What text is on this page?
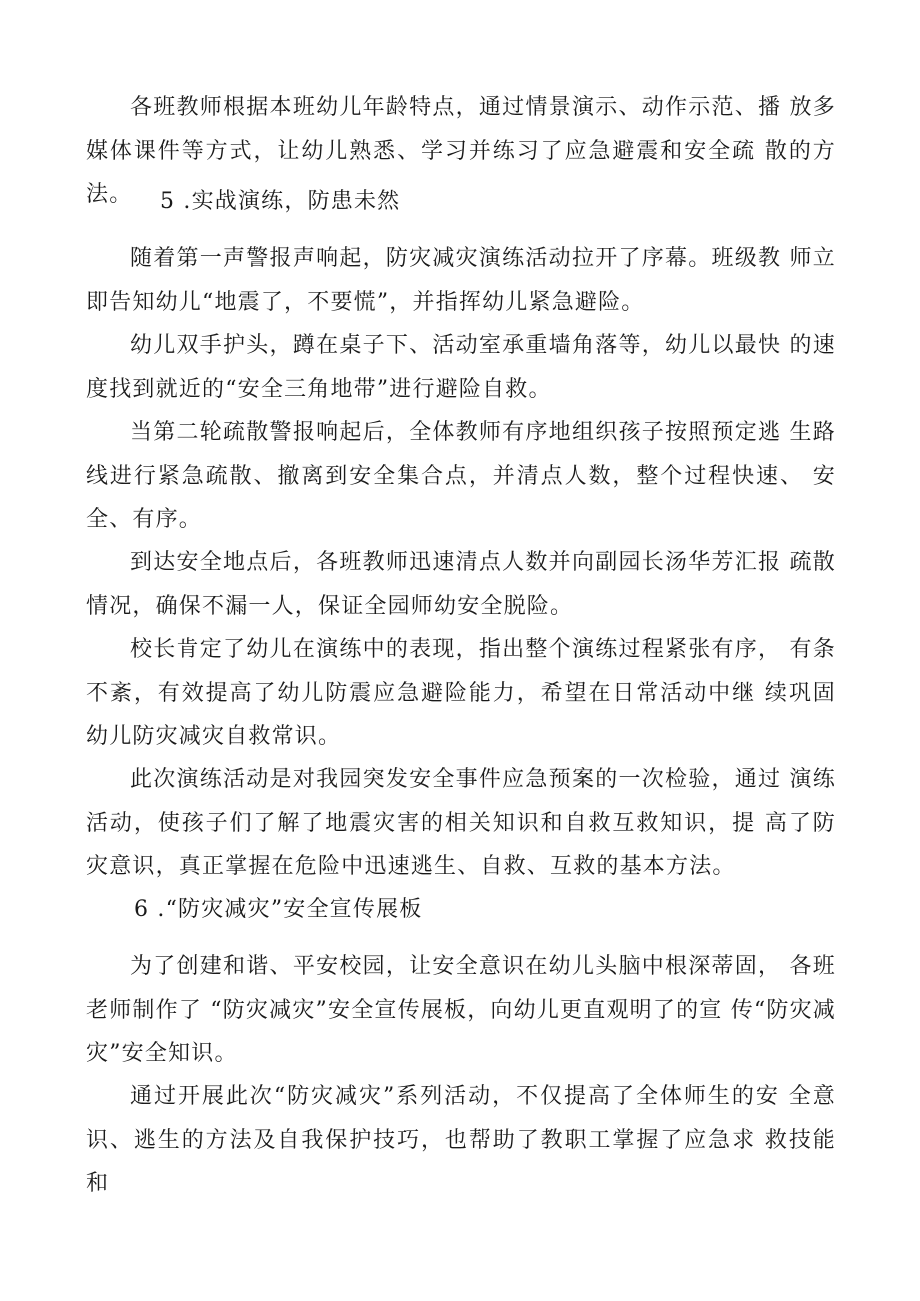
各班教师根据本班幼儿年龄特点，通过情景演示、动作示范、播 放多媒体课件等方式，让幼儿熟悉、学习并练习了应急避震和安全疏 散的方法。	5 .实战演练，防患未然

随着第一声警报声响起，防灾减灾演练活动拉开了序幕。班级教 师立即告知幼儿“地震了，不要慌”，并指挥幼儿紧急避险。

幼儿双手护头，蹲在桌子下、活动室承重墙角落等，幼儿以最快 的速度找到就近的“安全三角地带”进行避险自救。

当第二轮疏散警报响起后，全体教师有序地组织孩子按照预定逃 生路线进行紧急疏散、撤离到安全集合点，并清点人数，整个过程快速、 安全、有序。

到达安全地点后，各班教师迅速清点人数并向副园长汤华芳汇报 疏散情况，确保不漏一人，保证全园师幼安全脱险。

校长肯定了幼儿在演练中的表现，指出整个演练过程紧张有序， 有条不紊，有效提高了幼儿防震应急避险能力，希望在日常活动中继 续巩固幼儿防灾减灾自救常识。

此次演练活动是对我园突发安全事件应急预案的一次检验，通过 演练活动，使孩子们了解了地震灾害的相关知识和自救互救知识，提 高了防灾意识，真正掌握在危险中迅速逃生、自救、互救的基本方法。

6 .“防灾减灾”安全宣传展板

为了创建和谐、平安校园，让安全意识在幼儿头脑中根深蒂固， 各班老师制作了 “防灾减灾”安全宣传展板，向幼儿更直观明了的宣 传“防灾减灾”安全知识。

通过开展此次“防灾减灾”系列活动，不仅提高了全体师生的安 全意识、逃生的方法及自我保护技巧，也帮助了教职工掌握了应急求 救技能和
